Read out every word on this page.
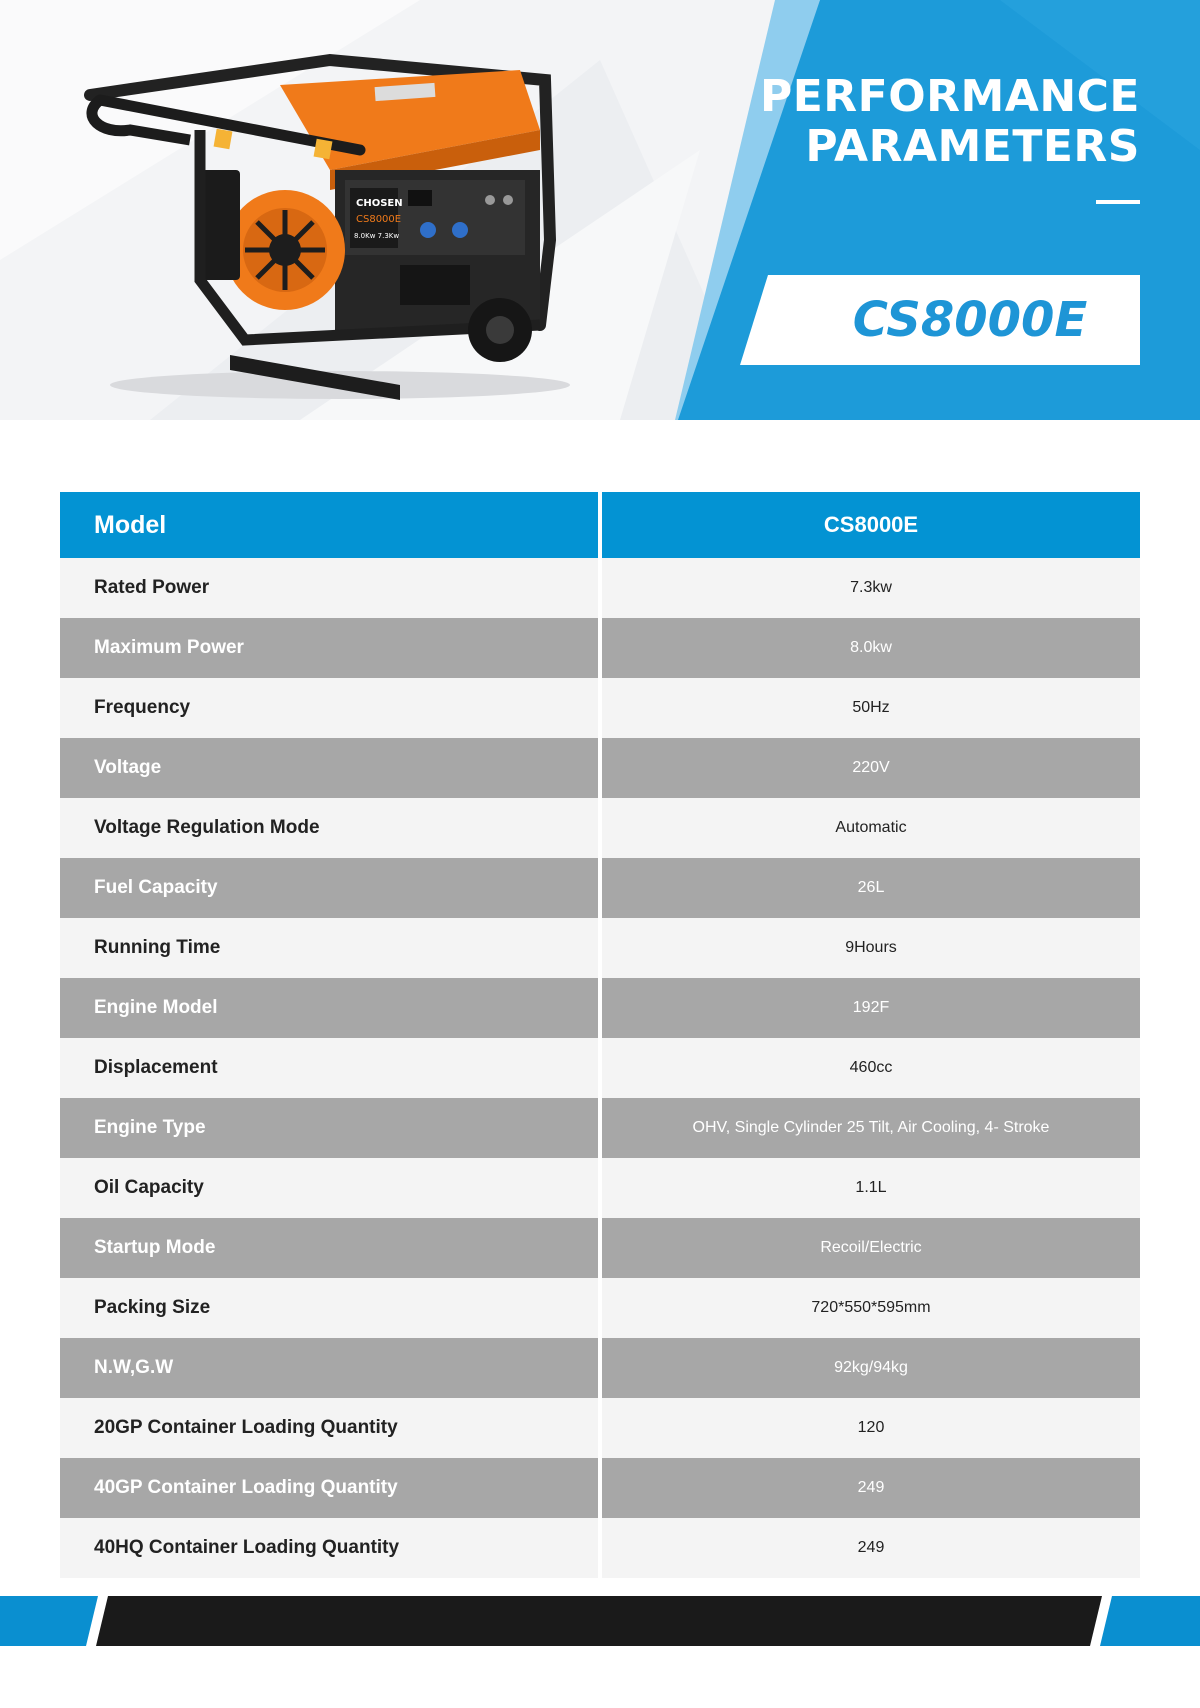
CHOSEN
CS8000E
8.0Kw 7.3Kw
PERFORMANCE
PARAMETERS
CS8000E
Model	CS8000E
Rated Power	7.3kw
Maximum Power	8.0kw
Frequency	50Hz
Voltage	220V
Voltage Regulation Mode	Automatic
Fuel Capacity	26L
Running Time	9Hours
Engine Model	192F
Displacement	460cc
Engine Type	OHV, Single Cylinder 25 Tilt, Air Cooling, 4- Stroke
Oil Capacity	1.1L
Startup Mode	Recoil/Electric
Packing Size	720*550*595mm
N.W,G.W	92kg/94kg
20GP Container Loading Quantity	120
40GP Container Loading Quantity	249
40HQ Container Loading Quantity	249
